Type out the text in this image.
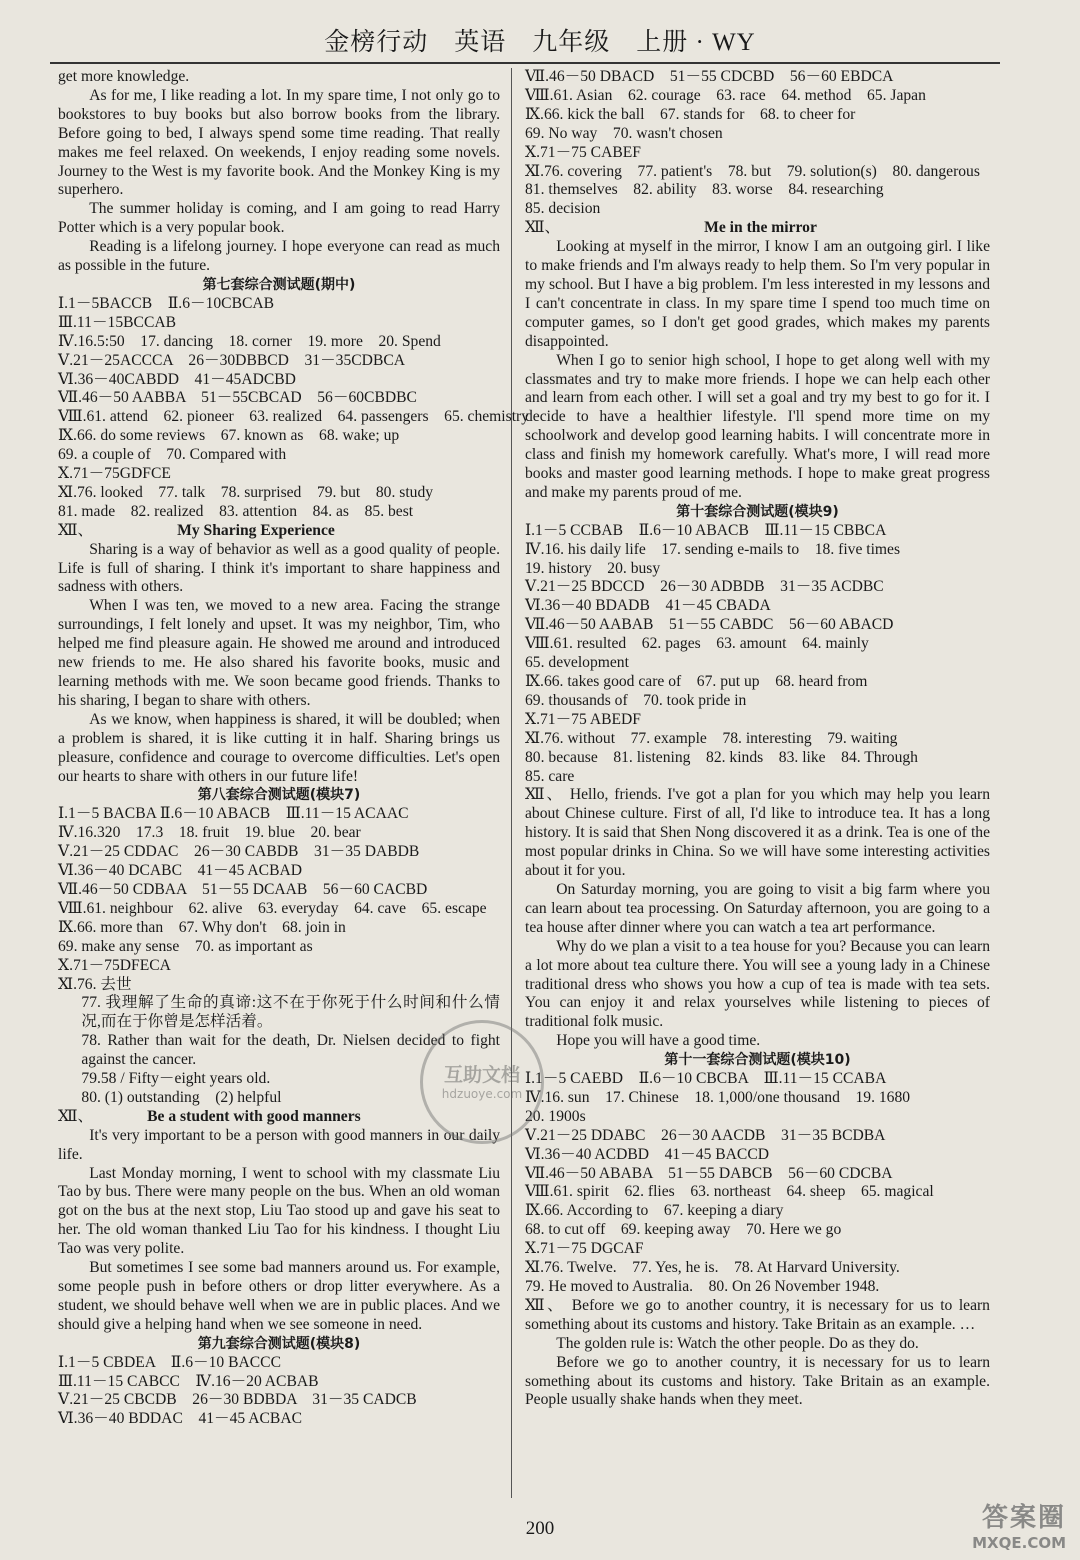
金榜行动　英语　九年级　上册 · WY

get more knowledge.

As for me, I like reading a lot. In my spare time, I not only go to bookstores to buy books but also borrow books from the library. Before going to bed, I always spend some time reading. That really makes me feel relaxed. On weekends, I enjoy reading some novels. Journey to the West is my favorite book. And the Monkey King is my superhero.

The summer holiday is coming, and I am going to read Harry Potter which is a very popular book.

Reading is a lifelong journey. I hope everyone can read as much as possible in the future.

第七套综合测试题(期中)

Ⅰ.1－5BACCB　Ⅱ.6－10CBCAB

Ⅲ.11－15BCCAB

Ⅳ.16.5:50　17. dancing　18. corner　19. more　20. Spend

Ⅴ.21－25ACCCA　26－30DBBCD　31－35CDBCA

Ⅵ.36－40CABDD　41－45ADCBD

Ⅶ.46－50 AABBA　51－55CBCAD　56－60CBDBC

Ⅷ.61. attend　62. pioneer　63. realized　64. passengers　65. chemistry

Ⅸ.66. do some reviews　67. known as　68. wake; up

69. a couple of　70. Compared with

Ⅹ.71－75GDFCE

Ⅺ.76. looked　77. talk　78. surprised　79. but　80. study

81. made　82. realized　83. attention　84. as　85. best

Ⅻ、	My Sharing Experience

Sharing is a way of behavior as well as a good quality of people. Life is full of sharing. I think it's important to share happiness and sadness with others.

When I was ten, we moved to a new area. Facing the strange surroundings, I felt lonely and upset. It was my neighbor, Tim, who helped me find pleasure again. He showed me around and introduced new friends to me. He also shared his favorite books, music and learning methods with me. We soon became good friends. Thanks to his sharing, I began to share with others.

As we know, when happiness is shared, it will be doubled; when a problem is shared, it is like cutting it in half. Sharing brings us pleasure, confidence and courage to overcome difficulties. Let's open our hearts to share with others in our future life!

第八套综合测试题(模块7)

Ⅰ.1－5 BACBA Ⅱ.6－10 ABACB　Ⅲ.11－15 ACAAC

Ⅳ.16.320　17.3　18. fruit　19. blue　20. bear

Ⅴ.21－25 CDDAC　26－30 CABDB　31－35 DABDB

Ⅵ.36－40 DCABC　41－45 ACBAD

Ⅶ.46－50 CDBAA　51－55 DCAAB　56－60 CACBD

Ⅷ.61. neighbour　62. alive　63. everyday　64. cave　65. escape

Ⅸ.66. more than　67. Why don't　68. join in

69. make any sense　70. as important as

Ⅹ.71－75DFECA

Ⅺ.76. 去世

77. 我理解了生命的真谛:这不在于你死于什么时间和什么情况,而在于你曾是怎样活着。

78. Rather than wait for the death, Dr. Nielsen decided to fight against the cancer.

79.58 / Fifty－eight years old.

80. (1) outstanding　(2) helpful

Ⅻ、	Be a student with good manners

It's very important to be a person with good manners in our daily life.

Last Monday morning, I went to school with my classmate Liu Tao by bus. There were many people on the bus. When an old woman got on the bus at the next stop, Liu Tao stood up and gave his seat to her. The old woman thanked Liu Tao for his kindness. I thought Liu Tao was very polite.

But sometimes I see some bad manners around us. For example, some people push in before others or drop litter everywhere. As a student, we should behave well when we are in public places. And we should give a helping hand when we see someone in need.

第九套综合测试题(模块8)

Ⅰ.1－5 CBDEA　Ⅱ.6－10 BACCC

Ⅲ.11－15 CABCC　Ⅳ.16－20 ACBAB

Ⅴ.21－25 CBCDB　26－30 BDBDA　31－35 CADCB

Ⅵ.36－40 BDDAC　41－45 ACBAC

Ⅶ.46－50 DBACD　51－55 CDCBD　56－60 EBDCA

Ⅷ.61. Asian　62. courage　63. race　64. method　65. Japan

Ⅸ.66. kick the ball　67. stands for　68. to cheer for

69. No way　70. wasn't chosen

Ⅹ.71－75 CABEF

Ⅺ.76. covering　77. patient's　78. but　79. solution(s)　80. dangerous

81. themselves　82. ability　83. worse　84. researching

85. decision

Ⅻ、	Me in the mirror

Looking at myself in the mirror, I know I am an outgoing girl. I like to make friends and I'm always ready to help them. So I'm very popular in my school. But I have a big problem. I'm less interested in my lessons and I can't concentrate in class. In my spare time I spend too much time on computer games, so I don't get good grades, which makes my parents disappointed.

When I go to senior high school, I hope to get along well with my classmates and try to make more friends. I hope we can help each other and learn from each other. I will set a goal and try my best to go for it. I decide to have a healthier lifestyle. I'll spend more time on my schoolwork and develop good learning habits. I will concentrate more in class and finish my homework carefully. What's more, I will read more books and master good learning methods. I hope to make great progress and make my parents proud of me.

第十套综合测试题(模块9)

Ⅰ.1－5 CCBAB　Ⅱ.6－10 ABACB　Ⅲ.11－15 CBBCA

Ⅳ.16. his daily life　17. sending e-mails to　18. five times

19. history　20. busy

Ⅴ.21－25 BDCCD　26－30 ADBDB　31－35 ACDBC

Ⅵ.36－40 BDADB　41－45 CBADA

Ⅶ.46－50 AABAB　51－55 CABDC　56－60 ABACD

Ⅷ.61. resulted　62. pages　63. amount　64. mainly

65. development

Ⅸ.66. takes good care of　67. put up　68. heard from

69. thousands of　70. took pride in

Ⅹ.71－75 ABEDF

Ⅺ.76. without　77. example　78. interesting　79. waiting

80. because　81. listening　82. kinds　83. like　84. Through

85. care

Ⅻ、 Hello, friends. I've got a plan for you which may help you learn about Chinese culture. First of all, I'd like to introduce tea. It has a long history. It is said that Shen Nong discovered it as a drink. Tea is one of the most popular drinks in China. So we will have some interesting activities about it for you.

On Saturday morning, you are going to visit a big farm where you can learn about tea processing. On Saturday afternoon, you are going to a tea house after dinner where you can watch a tea art performance.

Why do we plan a visit to a tea house for you? Because you can learn a lot more about tea culture there. You will see a young lady in a Chinese traditional dress who shows you how a cup of tea is made with tea sets. You can enjoy it and relax yourselves while listening to pieces of traditional folk music.

Hope you will have a good time.

第十一套综合测试题(模块10)

Ⅰ.1－5 CAEBD　Ⅱ.6－10 CBCBA　Ⅲ.11－15 CCABA

Ⅳ.16. sun　17. Chinese　18. 1,000/one thousand　19. 1680

20. 1900s

Ⅴ.21－25 DDABC　26－30 AACDB　31－35 BCDBA

Ⅵ.36－40 ACDBD　41－45 BACCD

Ⅶ.46－50 ABABA　51－55 DABCB　56－60 CDCBA

Ⅷ.61. spirit　62. flies　63. northeast　64. sheep　65. magical

Ⅸ.66. According to　67. keeping a diary

68. to cut off　69. keeping away　70. Here we go

Ⅹ.71－75 DGCAF

Ⅺ.76. Twelve.　77. Yes, he is.　78. At Harvard University.

79. He moved to Australia.　80. On 26 November 1948.

Ⅻ、 Before we go to another country, it is necessary for us to learn something about its customs and history. Take Britain as an example. …

The golden rule is: Watch the other people. Do as they do.

Before we go to another country, it is necessary for us to learn something about its customs and history. Take Britain as an example. People usually shake hands when they meet.

互助文档
hdzuoye.com
200	答案圈
MXQE.COM
